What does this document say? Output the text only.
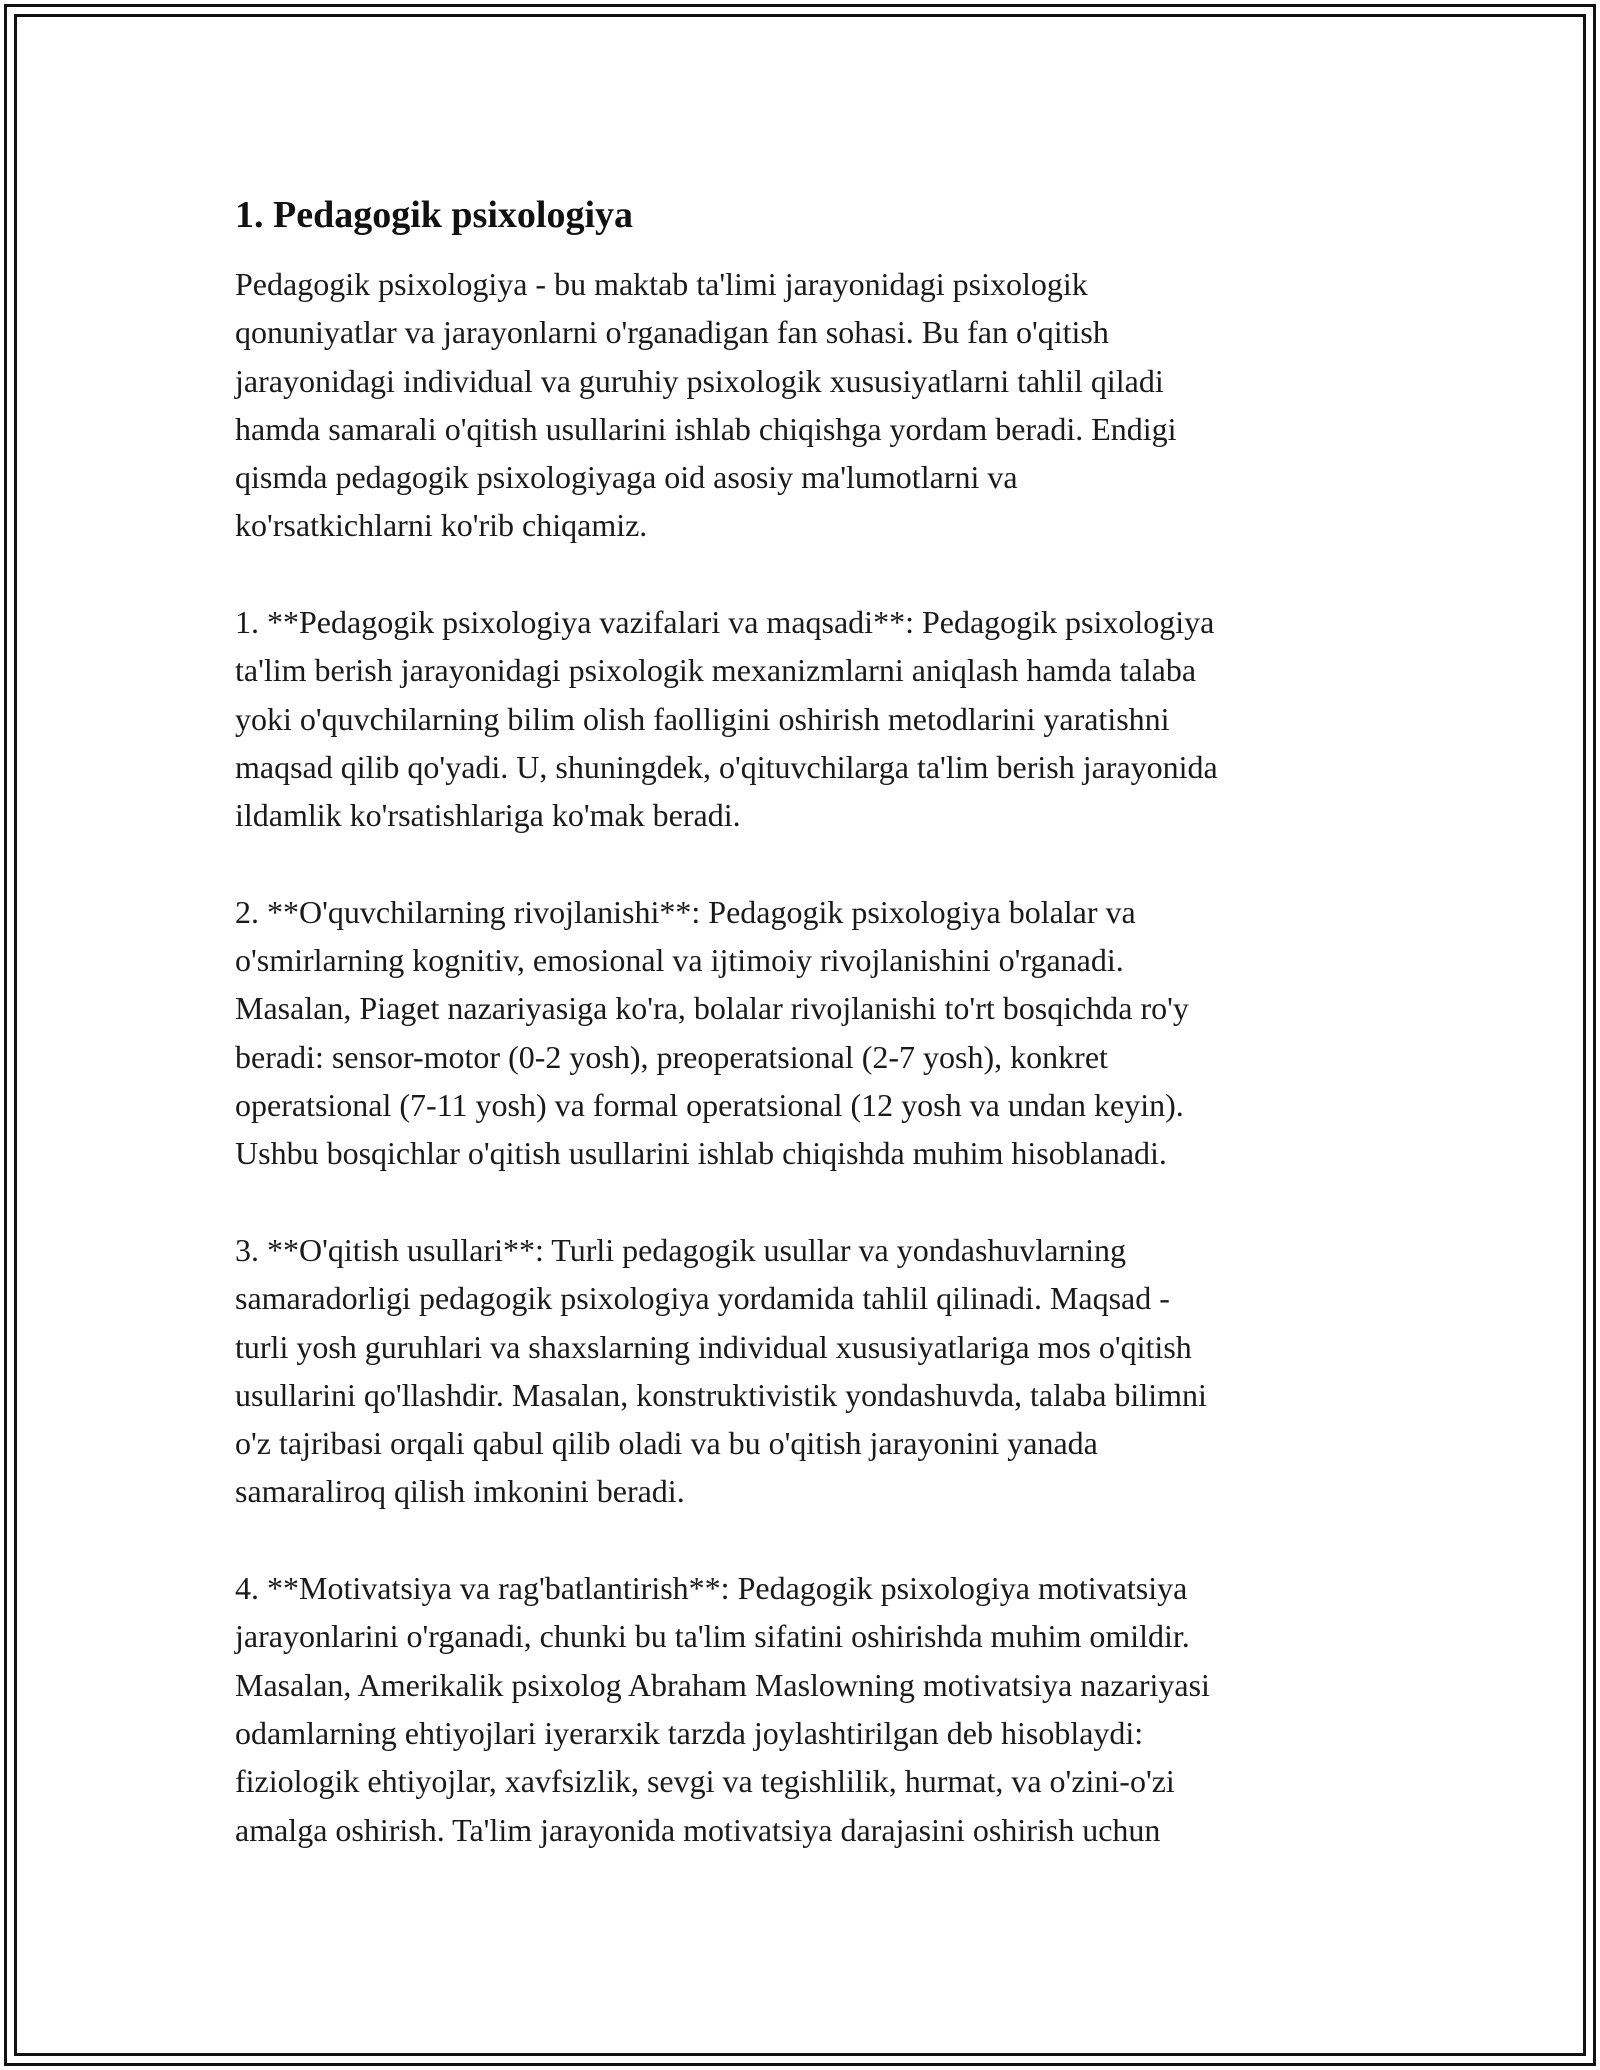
1. Pedagogik psixologiya

Pedagogik psixologiya - bu maktab ta'limi jarayonidagi psixologik
qonuniyatlar va jarayonlarni o'rganadigan fan sohasi. Bu fan o'qitish
jarayonidagi individual va guruhiy psixologik xususiyatlarni tahlil qiladi
hamda samarali o'qitish usullarini ishlab chiqishga yordam beradi. Endigi
qismda pedagogik psixologiyaga oid asosiy ma'lumotlarni va
ko'rsatkichlarni ko'rib chiqamiz.

1. **Pedagogik psixologiya vazifalari va maqsadi**: Pedagogik psixologiya
ta'lim berish jarayonidagi psixologik mexanizmlarni aniqlash hamda talaba
yoki o'quvchilarning bilim olish faolligini oshirish metodlarini yaratishni
maqsad qilib qo'yadi. U, shuningdek, o'qituvchilarga ta'lim berish jarayonida
ildamlik ko'rsatishlariga ko'mak beradi.

2. **O'quvchilarning rivojlanishi**: Pedagogik psixologiya bolalar va
o'smirlarning kognitiv, emosional va ijtimoiy rivojlanishini o'rganadi.
Masalan, Piaget nazariyasiga ko'ra, bolalar rivojlanishi to'rt bosqichda ro'y
beradi: sensor-motor (0-2 yosh), preoperatsional (2-7 yosh), konkret
operatsional (7-11 yosh) va formal operatsional (12 yosh va undan keyin).
Ushbu bosqichlar o'qitish usullarini ishlab chiqishda muhim hisoblanadi.

3. **O'qitish usullari**: Turli pedagogik usullar va yondashuvlarning
samaradorligi pedagogik psixologiya yordamida tahlil qilinadi. Maqsad -
turli yosh guruhlari va shaxslarning individual xususiyatlariga mos o'qitish
usullarini qo'llashdir. Masalan, konstruktivistik yondashuvda, talaba bilimni
o'z tajribasi orqali qabul qilib oladi va bu o'qitish jarayonini yanada
samaraliroq qilish imkonini beradi.

4. **Motivatsiya va rag'batlantirish**: Pedagogik psixologiya motivatsiya
jarayonlarini o'rganadi, chunki bu ta'lim sifatini oshirishda muhim omildir.
Masalan, Amerikalik psixolog Abraham Maslowning motivatsiya nazariyasi
odamlarning ehtiyojlari iyerarxik tarzda joylashtirilgan deb hisoblaydi:
fiziologik ehtiyojlar, xavfsizlik, sevgi va tegishlilik, hurmat, va o'zini-o'zi
amalga oshirish. Ta'lim jarayonida motivatsiya darajasini oshirish uchun
